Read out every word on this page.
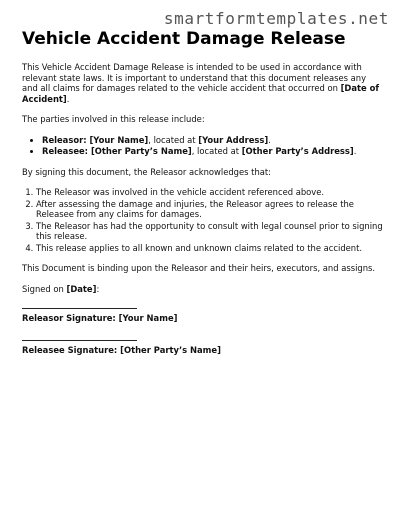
smartformtemplates.net
Vehicle Accident Damage Release

This Vehicle Accident Damage Release is intended to be used in accordance with relevant state laws. It is important to understand that this document releases any and all claims for damages related to the vehicle accident that occurred on [Date of Accident].

The parties involved in this release include:

• Releasor: [Your Name], located at [Your Address].
• Releasee: [Other Party’s Name], located at [Other Party’s Address].

By signing this document, the Releasor acknowledges that:

1. The Releasor was involved in the vehicle accident referenced above.
2. After assessing the damage and injuries, the Releasor agrees to release the Releasee from any claims for damages.
3. The Releasor has had the opportunity to consult with legal counsel prior to signing this release.
4. This release applies to all known and unknown claims related to the accident.

This Document is binding upon the Releasor and their heirs, executors, and assigns.

Signed on [Date]:

Releasor Signature: [Your Name]
Releasee Signature: [Other Party’s Name]
